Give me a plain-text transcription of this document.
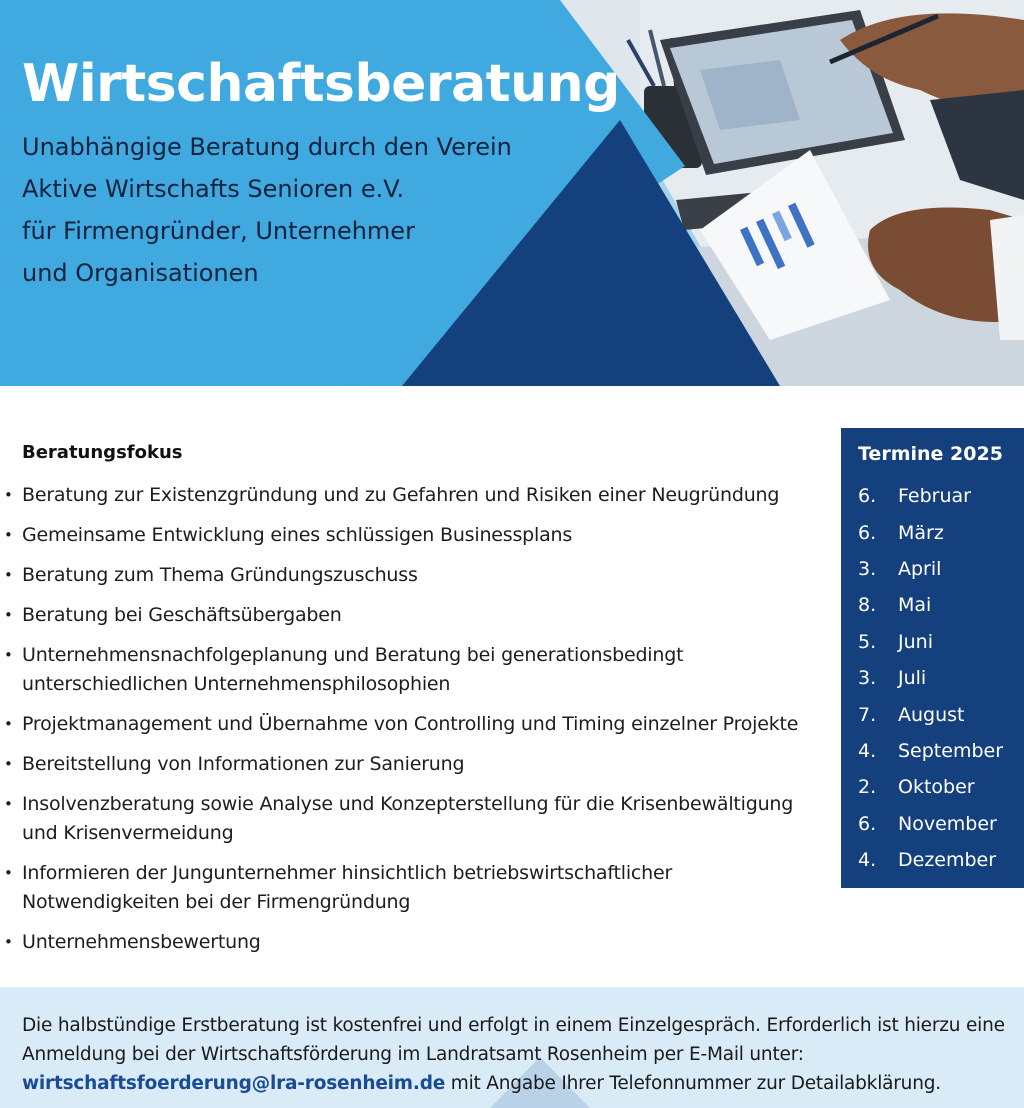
Wirtschaftsberatung
Unabhängige Beratung durch den Verein
Aktive Wirtschafts Senioren e.V.
für Firmengründer, Unternehmer
und Organisationen
Beratungsfokus
• Beratung zur Existenzgründung und zu Gefahren und Risiken einer Neugründung
• Gemeinsame Entwicklung eines schlüssigen Businessplans
• Beratung zum Thema Gründungszuschuss
• Beratung bei Geschäftsübergaben
• Unternehmensnachfolgeplanung und Beratung bei generationsbedingt unterschiedlichen Unternehmensphilosophien
• Projektmanagement und Übernahme von Controlling und Timing einzelner Projekte
• Bereitstellung von Informationen zur Sanierung
• Insolvenzberatung sowie Analyse und Konzepterstellung für die Krisenbewältigung und Krisenvermeidung
• Informieren der Jungunternehmer hinsichtlich betriebswirtschaftlicher Notwendigkeiten bei der Firmengründung
• Unternehmensbewertung
Termine 2025
6.	Februar
6.	März
3.	April
8.	Mai
5.	Juni
3.	Juli
7.	August
4.	September
2.	Oktober
6.	November
4.	Dezember

Die halbstündige Erstberatung ist kostenfrei und erfolgt in einem Einzelgespräch. Erforderlich ist hierzu eine Anmeldung bei der Wirtschaftsförderung im Landratsamt Rosenheim per E-Mail unter: wirtschaftsfoerderung@lra-rosenheim.de mit Angabe Ihrer Telefonnummer zur Detailabklärung.
